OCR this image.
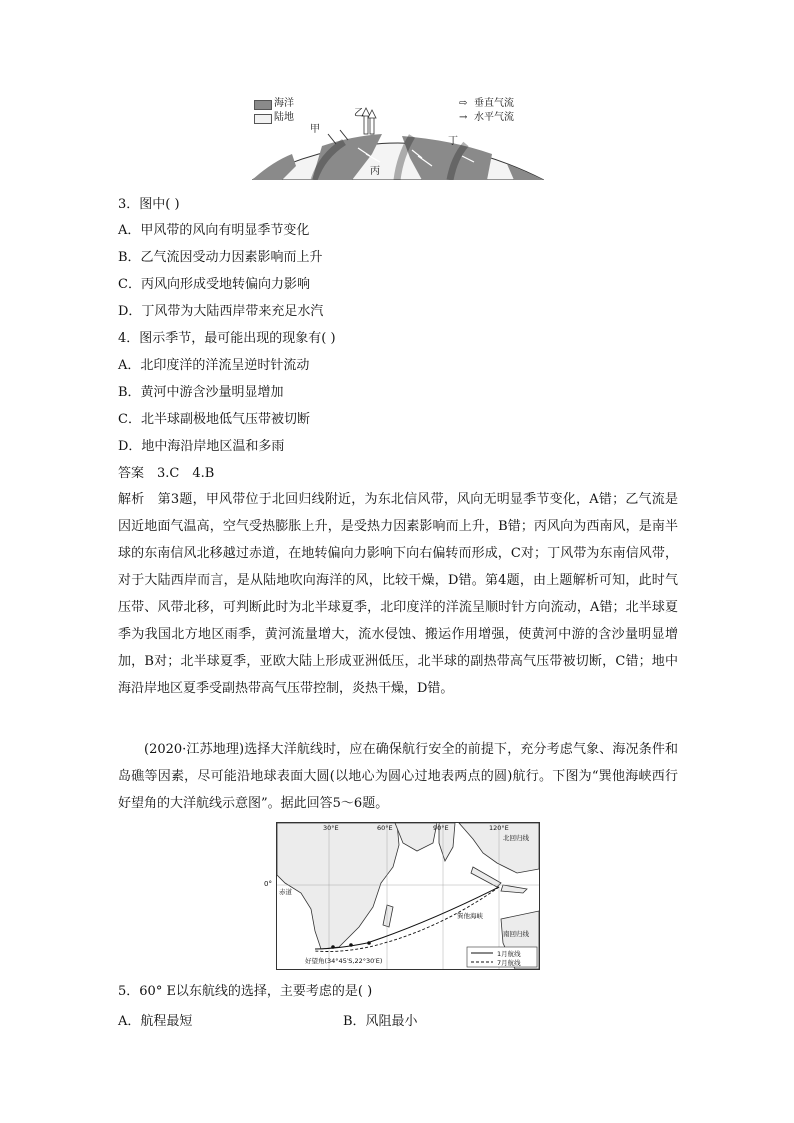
海洋
陆地
⇨ 垂直气流
→ 水平气流
甲
乙
丙
丁
3．图中( )
A．甲风带的风向有明显季节变化
B．乙气流因受动力因素影响而上升
C．丙风向形成受地转偏向力影响
D．丁风带为大陆西岸带来充足水汽
4．图示季节，最可能出现的现象有( )
A．北印度洋的洋流呈逆时针流动
B．黄河中游含沙量明显增加
C．北半球副极地低气压带被切断
D．地中海沿岸地区温和多雨
答案　3.C　4.B
解析　第3题，甲风带位于北回归线附近，为东北信风带，风向无明显季节变化，A错；乙气流是因近地面气温高，空气受热膨胀上升，是受热力因素影响而上升，B错；丙风向为西南风，是南半球的东南信风北移越过赤道，在地转偏向力影响下向右偏转而形成，C对；丁风带为东南信风带，对于大陆西岸而言，是从陆地吹向海洋的风，比较干燥，D错。第4题，由上题解析可知，此时气压带、风带北移，可判断此时为北半球夏季，北印度洋的洋流呈顺时针方向流动，A错；北半球夏季为我国北方地区雨季，黄河流量增大，流水侵蚀、搬运作用增强，使黄河中游的含沙量明显增加，B对；北半球夏季，亚欧大陆上形成亚洲低压，北半球的副热带高气压带被切断，C错；地中海沿岸地区夏季受副热带高气压带控制，炎热干燥，D错。
(2020·江苏地理)选择大洋航线时，应在确保航行安全的前提下，充分考虑气象、海况条件和岛礁等因素，尽可能沿地球表面大圆(以地心为圆心过地表两点的圆)航行。下图为“巽他海峡西行好望角的大洋航线示意图”。据此回答5～6题。
30°E	60°E	90°E	120°E
北回归线
赤道
南回归线
巽他海峡
好望角(34°45′S,22°30′E)
1月航线
7月航线
0°
5．60° E以东航线的选择，主要考虑的是( )
A．航程最短	B．风阻最小
